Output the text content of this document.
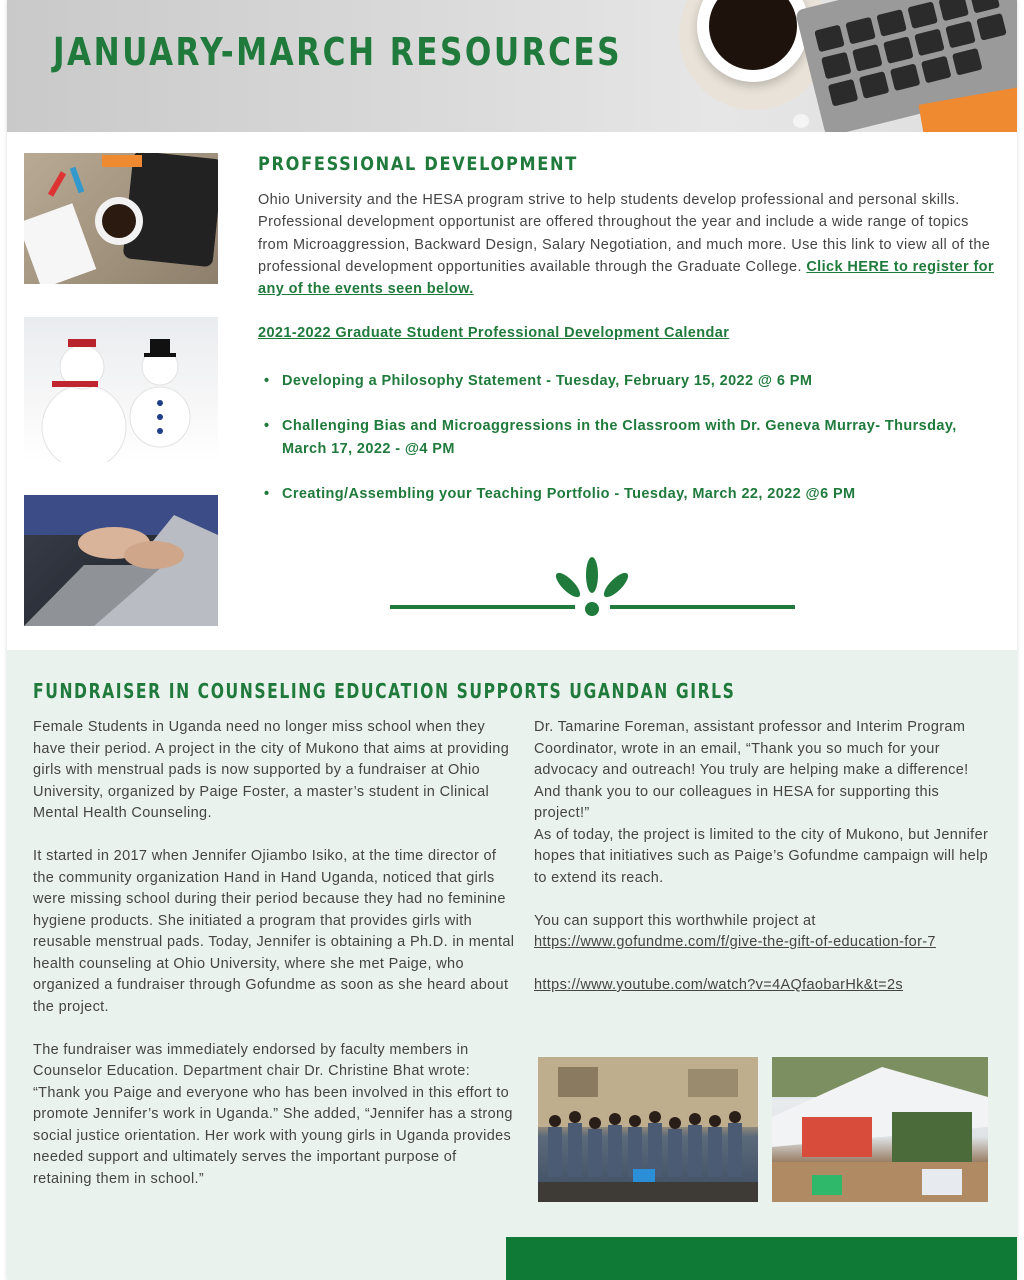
JANUARY-MARCH RESOURCES
PROFESSIONAL DEVELOPMENT
Ohio University and the HESA program strive to help students develop professional and personal skills. Professional development opportunist are offered throughout the year and include a wide range of topics from Microaggression, Backward Design, Salary Negotiation, and much more. Use this link to view all of the professional development opportunities available through the Graduate College. Click HERE to register for any of the events seen below.
2021-2022 Graduate Student Professional Development Calendar
• Developing a Philosophy Statement - Tuesday, February 15, 2022 @ 6 PM
• Challenging Bias and Microaggressions in the Classroom with Dr. Geneva Murray- Thursday, March 17, 2022 - @4 PM
• Creating/Assembling your Teaching Portfolio - Tuesday, March 22, 2022 @6 PM
FUNDRAISER IN COUNSELING EDUCATION SUPPORTS UGANDAN GIRLS

Female Students in Uganda need no longer miss school when they have their period. A project in the city of Mukono that aims at providing girls with menstrual pads is now supported by a fundraiser at Ohio University, organized by Paige Foster, a master’s student in Clinical Mental Health Counseling.

It started in 2017 when Jennifer Ojiambo Isiko, at the time director of the community organization Hand in Hand Uganda, noticed that girls were missing school during their period because they had no feminine hygiene products. She initiated a program that provides girls with reusable menstrual pads. Today, Jennifer is obtaining a Ph.D. in mental health counseling at Ohio University, where she met Paige, who organized a fundraiser through Gofundme as soon as she heard about the project.

The fundraiser was immediately endorsed by faculty members in Counselor Education. Department chair Dr. Christine Bhat wrote: “Thank you Paige and everyone who has been involved in this effort to promote Jennifer’s work in Uganda.” She added, “Jennifer has a strong social justice orientation. Her work with young girls in Uganda provides needed support and ultimately serves the important purpose of retaining them in school.”

Dr. Tamarine Foreman, assistant professor and Interim Program Coordinator, wrote in an email, “Thank you so much for your advocacy and outreach! You truly are helping make a difference! And thank you to our colleagues in HESA for supporting this project!”

As of today, the project is limited to the city of Mukono, but Jennifer hopes that initiatives such as Paige’s Gofundme campaign will help to extend its reach.

You can support this worthwhile project at

https://www.gofundme.com/f/give-the-gift-of-education-for-7

https://www.youtube.com/watch?v=4AQfaobarHk&t=2s
